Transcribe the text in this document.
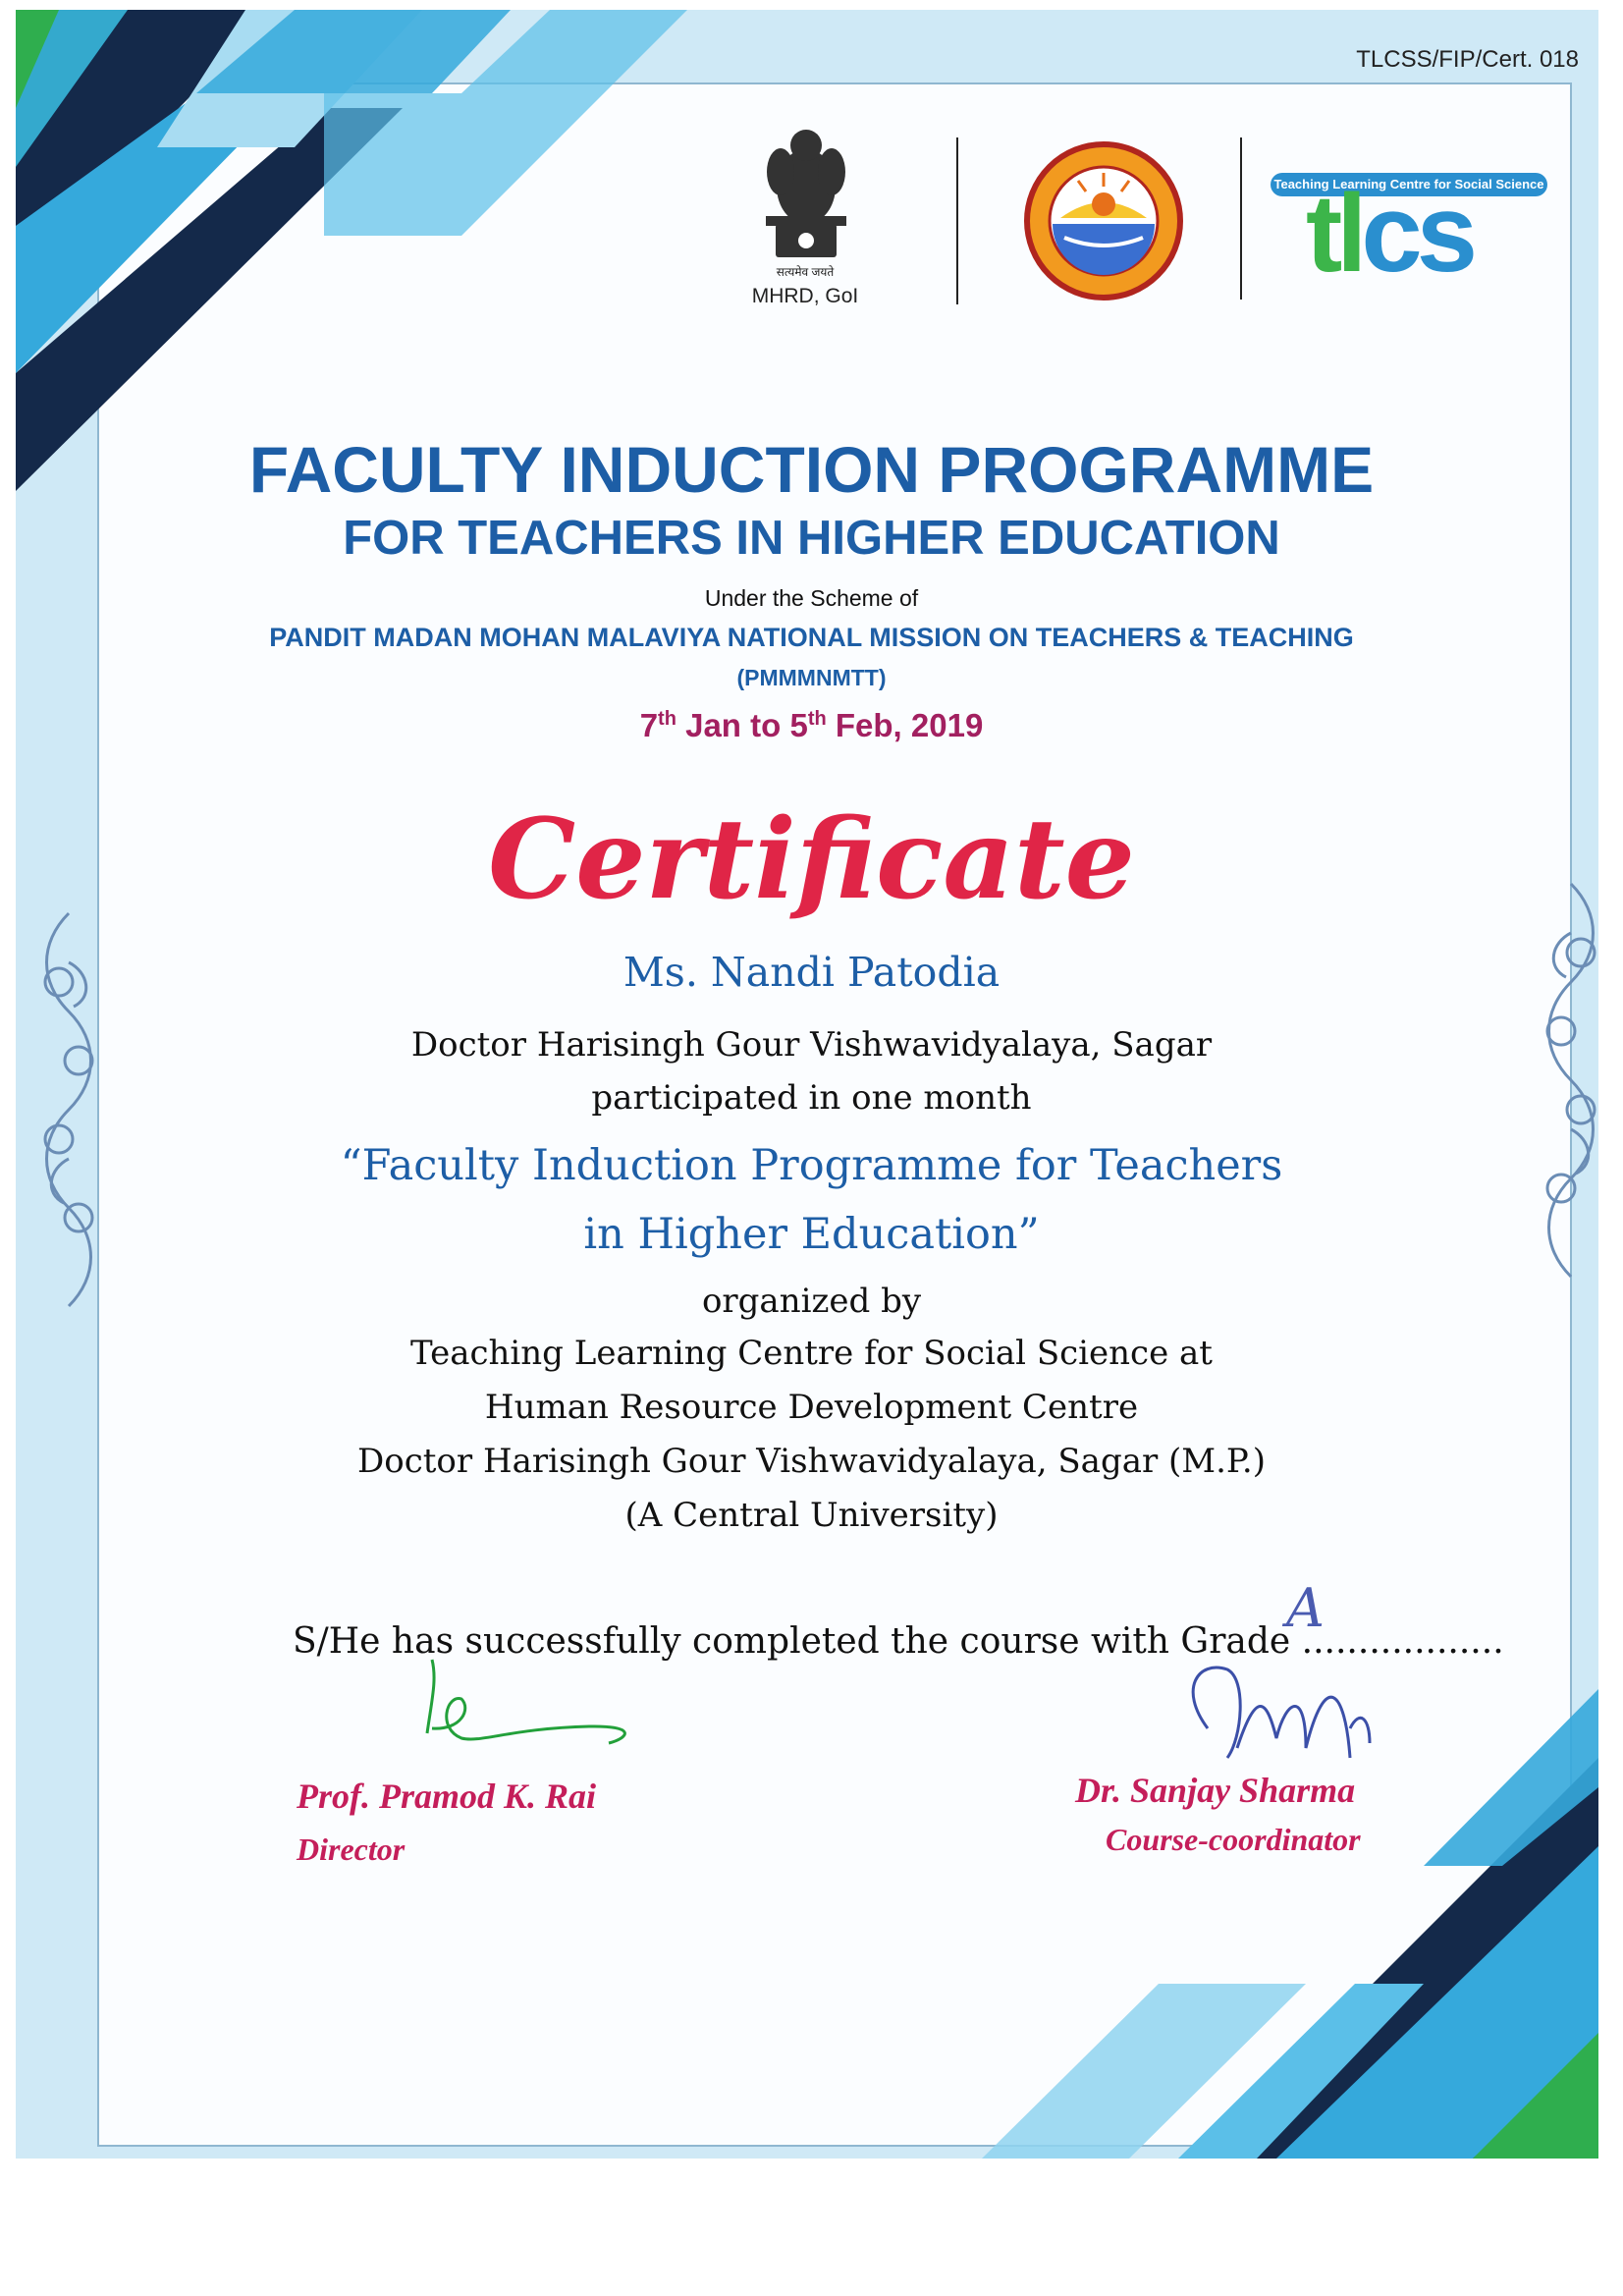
TLCSS/FIP/Cert. 018
सत्यमेव जयते
MHRD, GoI
Teaching Learning Centre for Social Science
tlcs
FACULTY INDUCTION PROGRAMME
FOR TEACHERS IN HIGHER EDUCATION
Under the Scheme of
PANDIT MADAN MOHAN MALAVIYA NATIONAL MISSION ON TEACHERS & TEACHING
(PMMMNMTT)
7th Jan to 5th Feb, 2019
Certificate
Ms. Nandi Patodia
Doctor Harisingh Gour Vishwavidyalaya, Sagar
participated in one month
“Faculty Induction Programme for Teachers
in Higher Education”
organized by
Teaching Learning Centre for Social Science at
Human Resource Development Centre
Doctor Harisingh Gour Vishwavidyalaya, Sagar (M.P.)
(A Central University)
S/He has successfully completed the course with Grade ..................
A
Prof. Pramod K. Rai
Director
Dr. Sanjay Sharma
Course-coordinator
